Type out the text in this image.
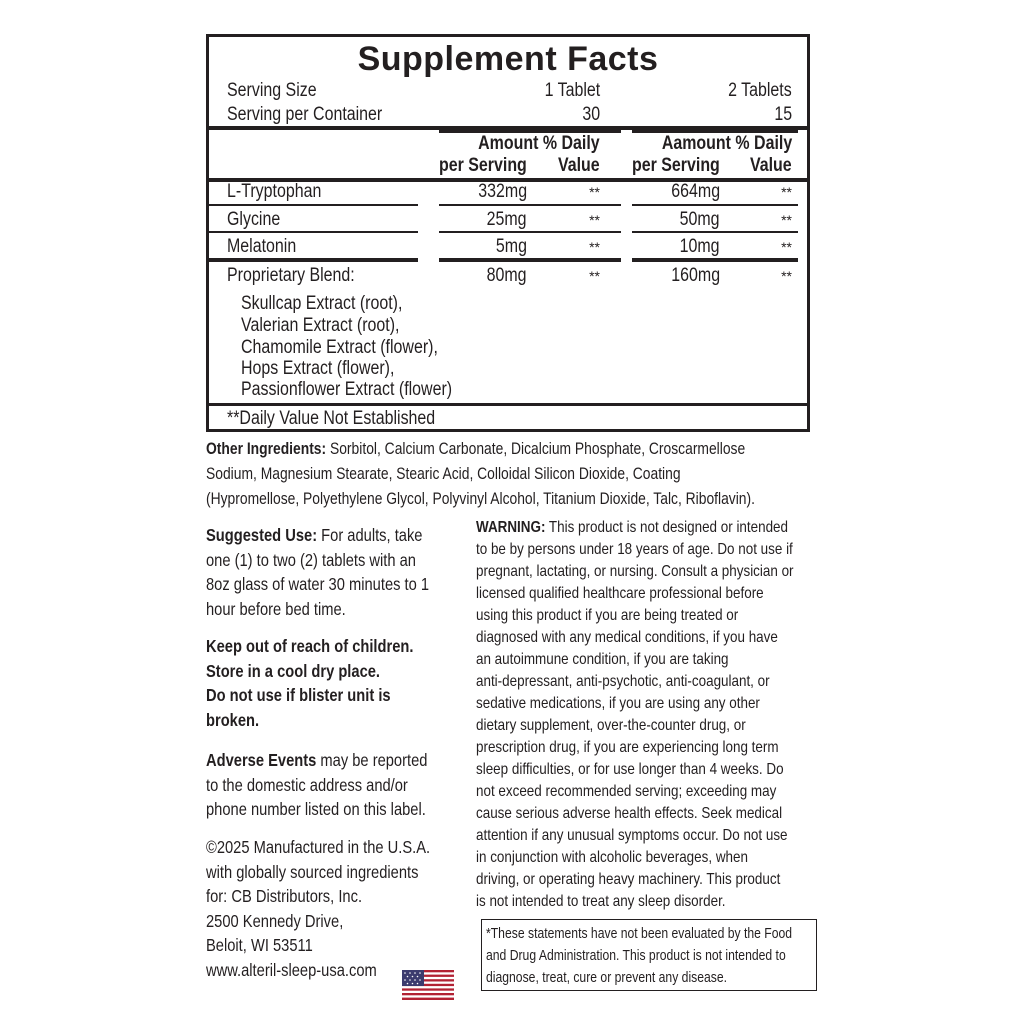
Supplement Facts
Serving Size	1 Tablet	2 Tablets
Serving per Container	30	15
Amount % Daily
per Serving	Value
Aamount % Daily
per Serving	Value
L-Tryptophan	332mg	**	664mg	**
Glycine	25mg	**	50mg	**
Melatonin	5mg	**	10mg	**
Proprietary Blend:	80mg	**	160mg	**
Skullcap Extract (root),
Valerian Extract (root),
Chamomile Extract (flower),
Hops Extract (flower),
Passionflower Extract (flower)
**Daily Value Not Established
Other Ingredients: Sorbitol, Calcium Carbonate, Dicalcium Phosphate, Croscarmellose
Sodium, Magnesium Stearate, Stearic Acid, Colloidal Silicon Dioxide, Coating
(Hypromellose, Polyethylene Glycol, Polyvinyl Alcohol, Titanium Dioxide, Talc, Riboflavin).
Suggested Use: For adults, take
one (1) to two (2) tablets with an
8oz glass of water 30 minutes to 1
hour before bed time.
Keep out of reach of children.
Store in a cool dry place.
Do not use if blister unit is
broken.
Adverse Events may be reported
to the domestic address and/or
phone number listed on this label.
©2025 Manufactured in the U.S.A.
with globally sourced ingredients
for: CB Distributors, Inc.
2500 Kennedy Drive,
Beloit, WI 53511
www.alteril-sleep-usa.com
WARNING: This product is not designed or intended
to be by persons under 18 years of age. Do not use if
pregnant, lactating, or nursing. Consult a physician or
licensed qualified healthcare professional before
using this product if you are being treated or
diagnosed with any medical conditions, if you have
an autoimmune condition, if you are taking
anti-depressant, anti-psychotic, anti-coagulant, or
sedative medications, if you are using any other
dietary supplement, over-the-counter drug, or
prescription drug, if you are experiencing long term
sleep difficulties, or for use longer than 4 weeks. Do
not exceed recommended serving; exceeding may
cause serious adverse health effects. Seek medical
attention if any unusual symptoms occur. Do not use
in conjunction with alcoholic beverages, when
driving, or operating heavy machinery. This product
is not intended to treat any sleep disorder.
*These statements have not been evaluated by the Food
and Drug Administration. This product is not intended to
diagnose, treat, cure or prevent any disease.
